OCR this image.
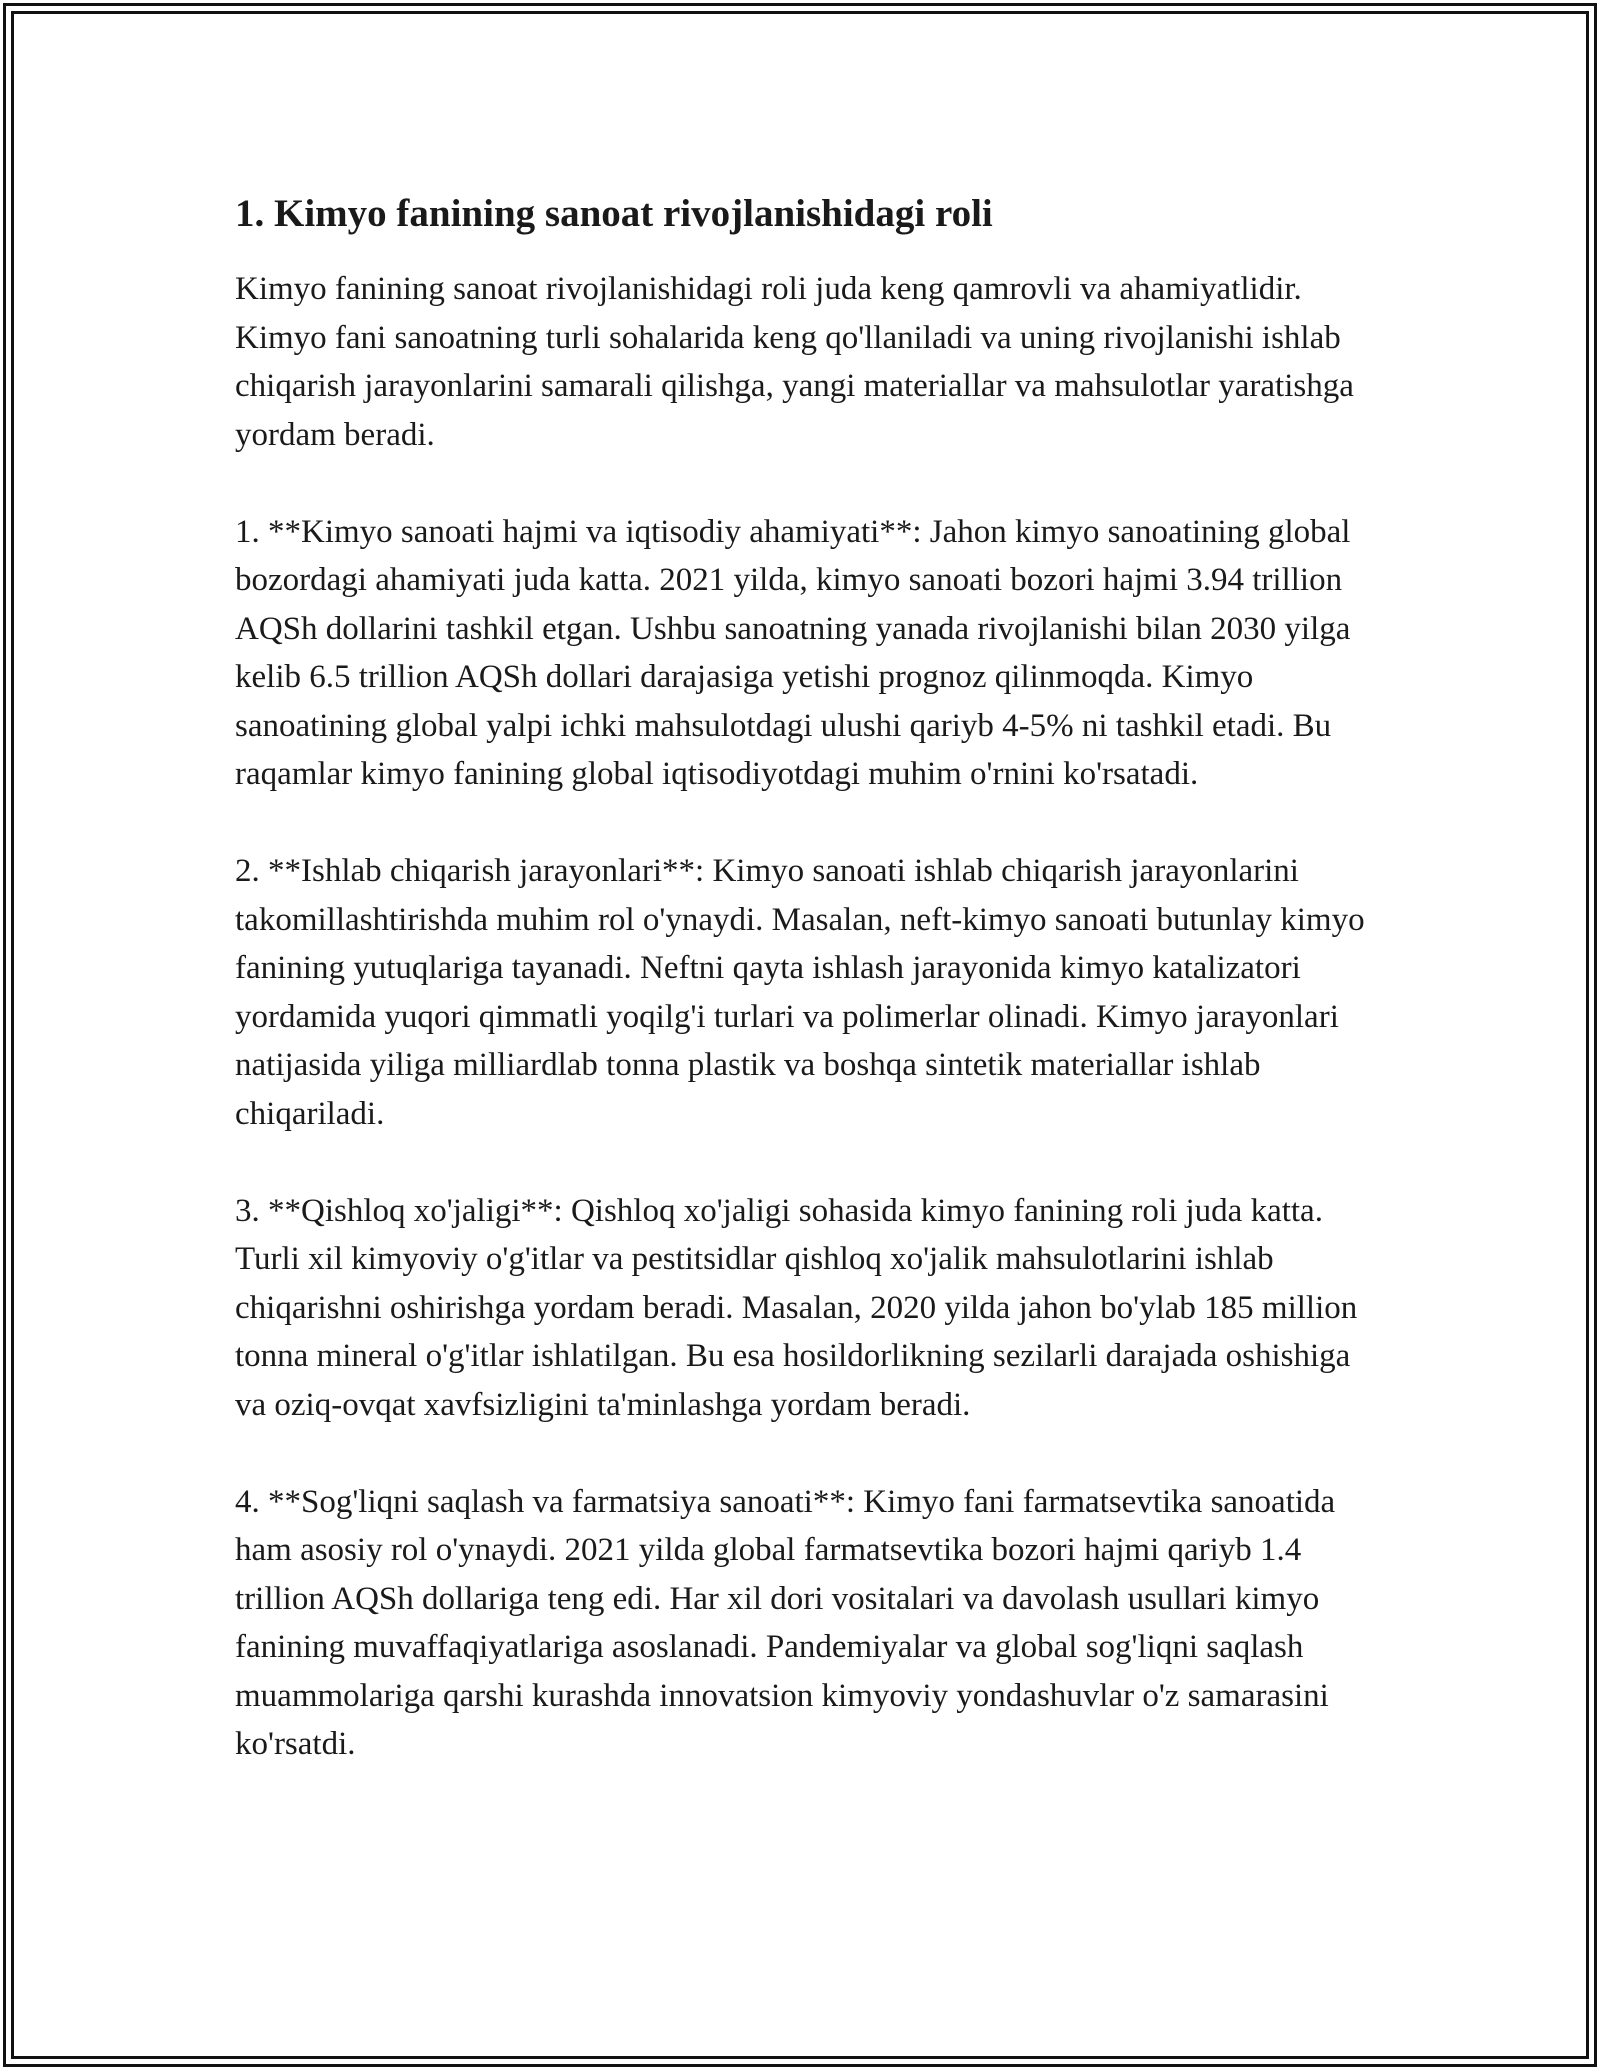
1. Kimyo fanining sanoat rivojlanishidagi roli

Kimyo fanining sanoat rivojlanishidagi roli juda keng qamrovli va ahamiyatlidir. Kimyo fani sanoatning turli sohalarida keng qo'llaniladi va uning rivojlanishi ishlab chiqarish jarayonlarini samarali qilishga, yangi materiallar va mahsulotlar yaratishga yordam beradi.

1. **Kimyo sanoati hajmi va iqtisodiy ahamiyati**: Jahon kimyo sanoatining global bozordagi ahamiyati juda katta. 2021 yilda, kimyo sanoati bozori hajmi 3.94 trillion AQSh dollarini tashkil etgan. Ushbu sanoatning yanada rivojlanishi bilan 2030 yilga kelib 6.5 trillion AQSh dollari darajasiga yetishi prognoz qilinmoqda. Kimyo sanoatining global yalpi ichki mahsulotdagi ulushi qariyb 4-5% ni tashkil etadi. Bu raqamlar kimyo fanining global iqtisodiyotdagi muhim o'rnini ko'rsatadi.

2. **Ishlab chiqarish jarayonlari**: Kimyo sanoati ishlab chiqarish jarayonlarini takomillashtirishda muhim rol o'ynaydi. Masalan, neft-kimyo sanoati butunlay kimyo fanining yutuqlariga tayanadi. Neftni qayta ishlash jarayonida kimyo katalizatori yordamida yuqori qimmatli yoqilg'i turlari va polimerlar olinadi. Kimyo jarayonlari natijasida yiliga milliardlab tonna plastik va boshqa sintetik materiallar ishlab chiqariladi.

3. **Qishloq xo'jaligi**: Qishloq xo'jaligi sohasida kimyo fanining roli juda katta. Turli xil kimyoviy o'g'itlar va pestitsidlar qishloq xo'jalik mahsulotlarini ishlab chiqarishni oshirishga yordam beradi. Masalan, 2020 yilda jahon bo'ylab 185 million tonna mineral o'g'itlar ishlatilgan. Bu esa hosildorlikning sezilarli darajada oshishiga va oziq-ovqat xavfsizligini ta'minlashga yordam beradi.

4. **Sog'liqni saqlash va farmatsiya sanoati**: Kimyo fani farmatsevtika sanoatida ham asosiy rol o'ynaydi. 2021 yilda global farmatsevtika bozori hajmi qariyb 1.4 trillion AQSh dollariga teng edi. Har xil dori vositalari va davolash usullari kimyo fanining muvaffaqiyatlariga asoslanadi. Pandemiyalar va global sog'liqni saqlash muammolariga qarshi kurashda innovatsion kimyoviy yondashuvlar o'z samarasini ko'rsatdi.
